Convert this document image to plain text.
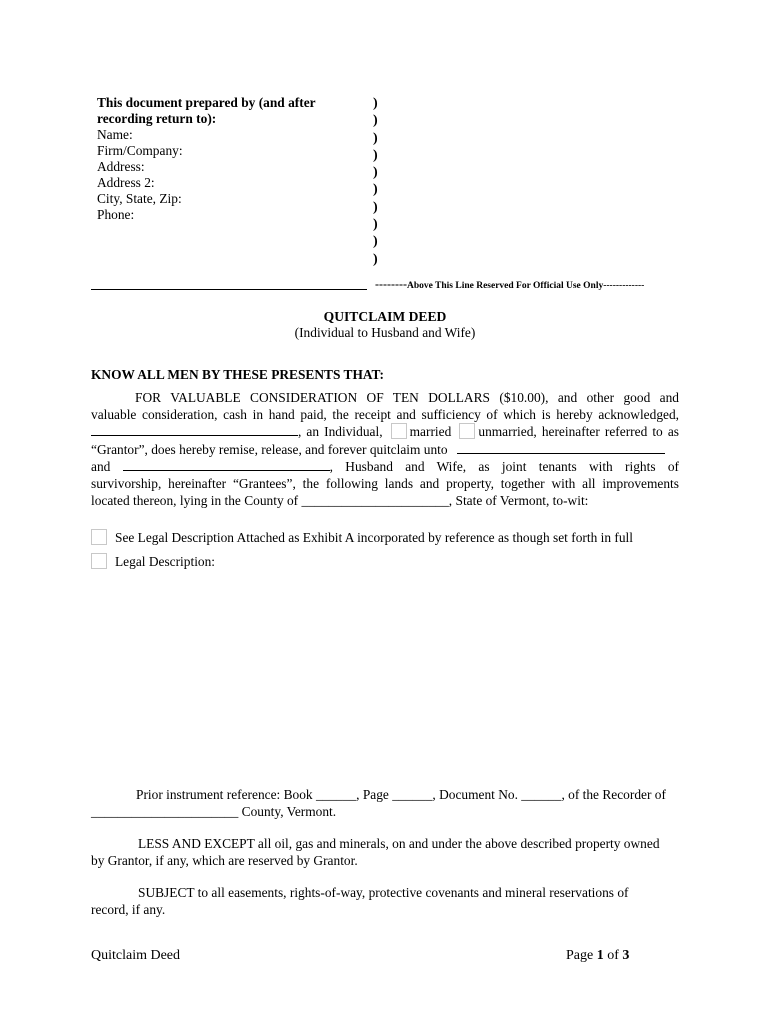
This document prepared by (and after recording return to):
Name:
Firm/Company:
Address:
Address 2:
City, State, Zip:
Phone:
)
)
)
)
)
)
)
)
)
)
--------Above This Line Reserved For Official Use Only-------------
QUITCLAIM DEED
(Individual to Husband and Wife)
KNOW ALL MEN BY THESE PRESENTS THAT:
FOR VALUABLE CONSIDERATION OF TEN DOLLARS ($10.00), and other good and
valuable consideration, cash in hand paid, the receipt and sufficiency of which is hereby acknowledged,
, an Individual, married unmarried, hereinafter referred to as
“Grantor”, does hereby remise, release, and forever quitclaim unto
and	, Husband and Wife, as joint tenants with rights of
survivorship, hereinafter “Grantees”, the following lands and property, together with all improvements
located thereon, lying in the County of ______________________, State of Vermont, to-wit:
See Legal Description Attached as Exhibit A incorporated by reference as though set forth in full
Legal Description:
Prior instrument reference: Book ______, Page ______, Document No. ______, of the Recorder of
______________________ County, Vermont.
LESS AND EXCEPT all oil, gas and minerals, on and under the above described property owned
by Grantor, if any, which are reserved by Grantor.
SUBJECT to all easements, rights-of-way, protective covenants and mineral reservations of
record, if any.
Quitclaim Deed	Page 1 of 3
